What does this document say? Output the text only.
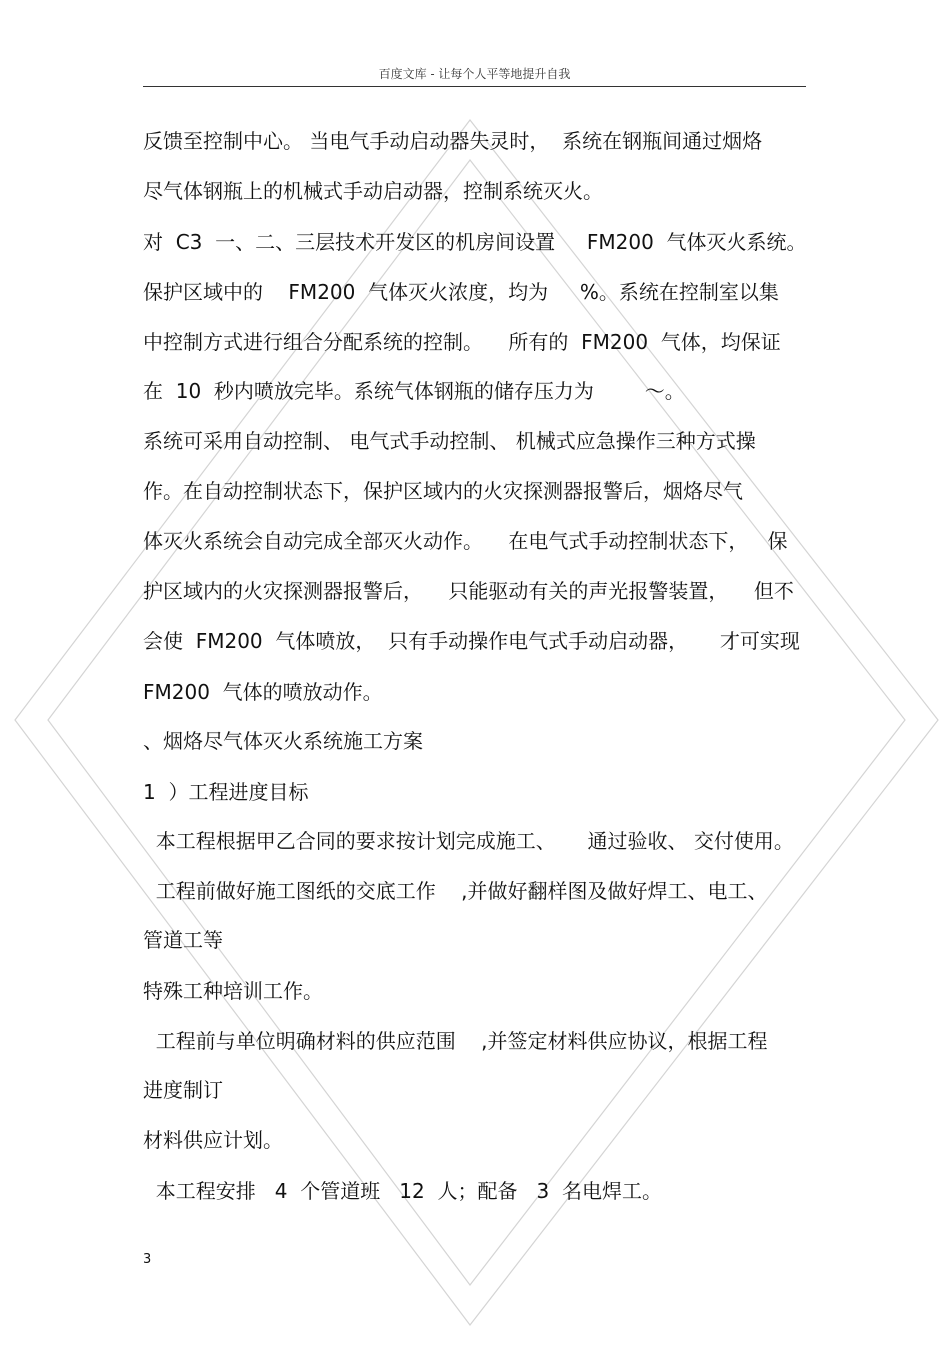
百度文库 - 让每个人平等地提升自我
反馈至控制中心。 当电气手动启动器失灵时，  系统在钢瓶间通过烟烙
尽气体钢瓶上的机械式手动启动器，控制系统灭火。
对  C3  一、二、三层技术开发区的机房间设置     FM200  气体灭火系统。
保护区域中的    FM200  气体灭火浓度，均为     %。系统在控制室以集
中控制方式进行组合分配系统的控制。    所有的  FM200  气体，均保证
在  10  秒内喷放完毕。系统气体钢瓶的储存压力为        ～。
系统可采用自动控制、 电气式手动控制、 机械式应急操作三种方式操
作。在自动控制状态下，保护区域内的火灾探测器报警后，烟烙尽气
体灭火系统会自动完成全部灭火动作。    在电气式手动控制状态下，   保
护区域内的火灾探测器报警后，    只能驱动有关的声光报警装置，    但不
会使  FM200  气体喷放，  只有手动操作电气式手动启动器，     才可实现
FM200  气体的喷放动作。
、烟烙尽气体灭火系统施工方案
1  ）工程进度目标
本工程根据甲乙合同的要求按计划完成施工、     通过验收、 交付使用。
工程前做好施工图纸的交底工作    ,并做好翻样图及做好焊工、电工、
管道工等
特殊工种培训工作。
工程前与单位明确材料的供应范围    ,并签定材料供应协议，根据工程
进度制订
材料供应计划。
本工程安排   4  个管道班   12  人；配备   3  名电焊工。
3
